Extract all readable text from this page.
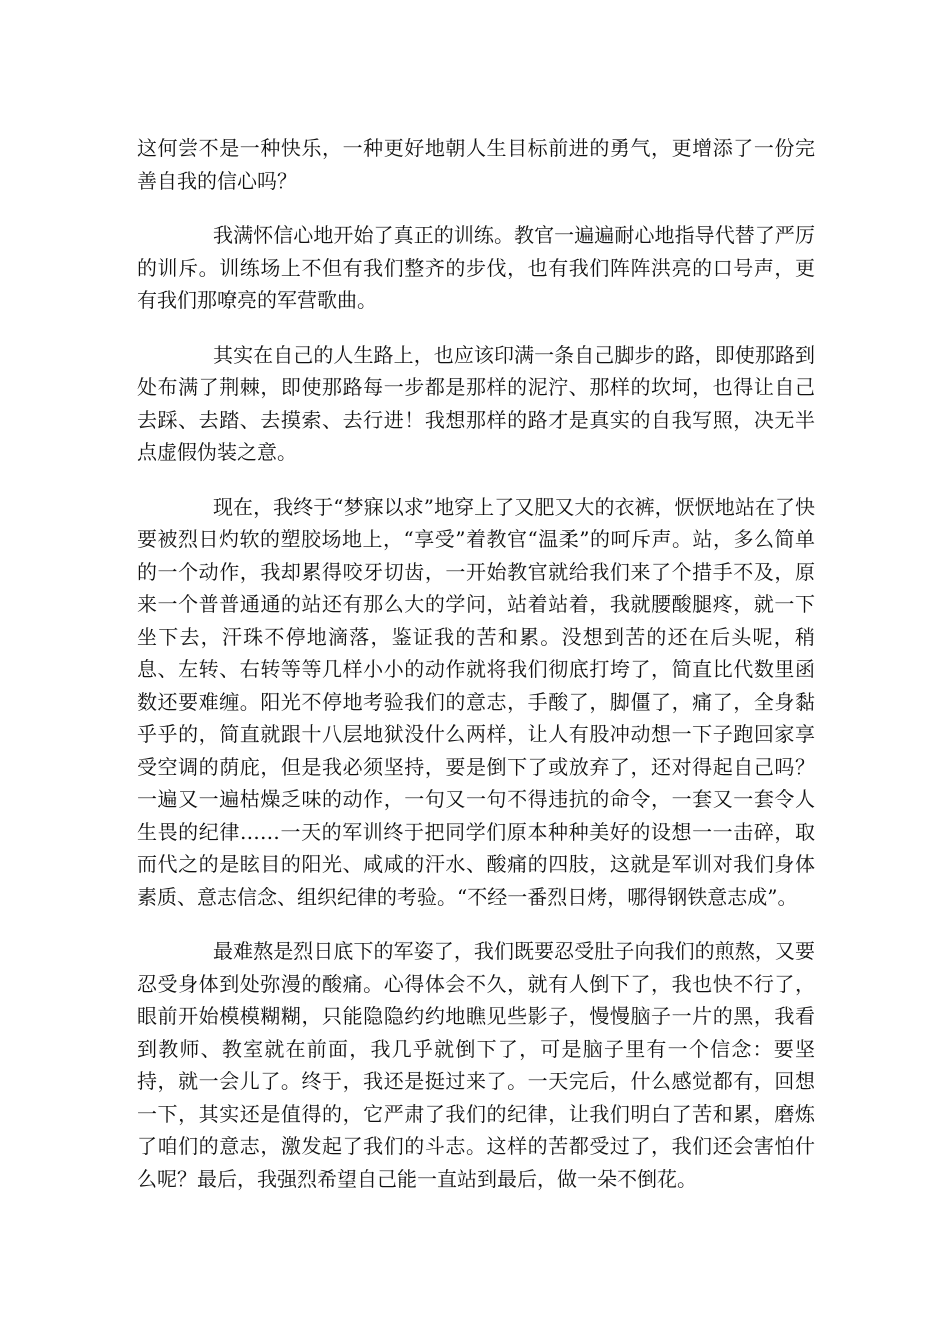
这何尝不是一种快乐，一种更好地朝人生目标前进的勇气，更增添了一份完善自我的信心吗？

我满怀信心地开始了真正的训练。教官一遍遍耐心地指导代替了严厉的训斥。训练场上不但有我们整齐的步伐，也有我们阵阵洪亮的口号声，更有我们那嘹亮的军营歌曲。

其实在自己的人生路上，也应该印满一条自己脚步的路，即使那路到处布满了荆棘，即使那路每一步都是那样的泥泞、那样的坎坷，也得让自己去踩、去踏、去摸索、去行进！我想那样的路才是真实的自我写照，决无半点虚假伪装之意。

现在，我终于“梦寐以求”地穿上了又肥又大的衣裤，恹恹地站在了快要被烈日灼软的塑胶场地上，“享受”着教官“温柔”的呵斥声。站，多么简单的一个动作，我却累得咬牙切齿，一开始教官就给我们来了个措手不及，原来一个普普通通的站还有那么大的学问，站着站着，我就腰酸腿疼，就一下坐下去，汗珠不停地滴落，鉴证我的苦和累。没想到苦的还在后头呢，稍息、左转、右转等等几样小小的动作就将我们彻底打垮了，简直比代数里函数还要难缠。阳光不停地考验我们的意志，手酸了，脚僵了，痛了，全身黏乎乎的，简直就跟十八层地狱没什么两样，让人有股冲动想一下子跑回家享受空调的荫庇，但是我必须坚持，要是倒下了或放弃了，还对得起自己吗？一遍又一遍枯燥乏味的动作，一句又一句不得违抗的命令，一套又一套令人生畏的纪律……一天的军训终于把同学们原本种种美好的设想一一击碎，取而代之的是眩目的阳光、咸咸的汗水、酸痛的四肢，这就是军训对我们身体素质、意志信念、组织纪律的考验。“不经一番烈日烤，哪得钢铁意志成”。

最难熬是烈日底下的军姿了，我们既要忍受肚子向我们的煎熬，又要忍受身体到处弥漫的酸痛。心得体会不久，就有人倒下了，我也快不行了，眼前开始模模糊糊，只能隐隐约约地瞧见些影子，慢慢脑子一片的黑，我看到教师、教室就在前面，我几乎就倒下了，可是脑子里有一个信念：要坚持，就一会儿了。终于，我还是挺过来了。一天完后，什么感觉都有，回想一下，其实还是值得的，它严肃了我们的纪律，让我们明白了苦和累，磨炼了咱们的意志，激发起了我们的斗志。这样的苦都受过了，我们还会害怕什么呢？最后，我强烈希望自己能一直站到最后，做一朵不倒花。
